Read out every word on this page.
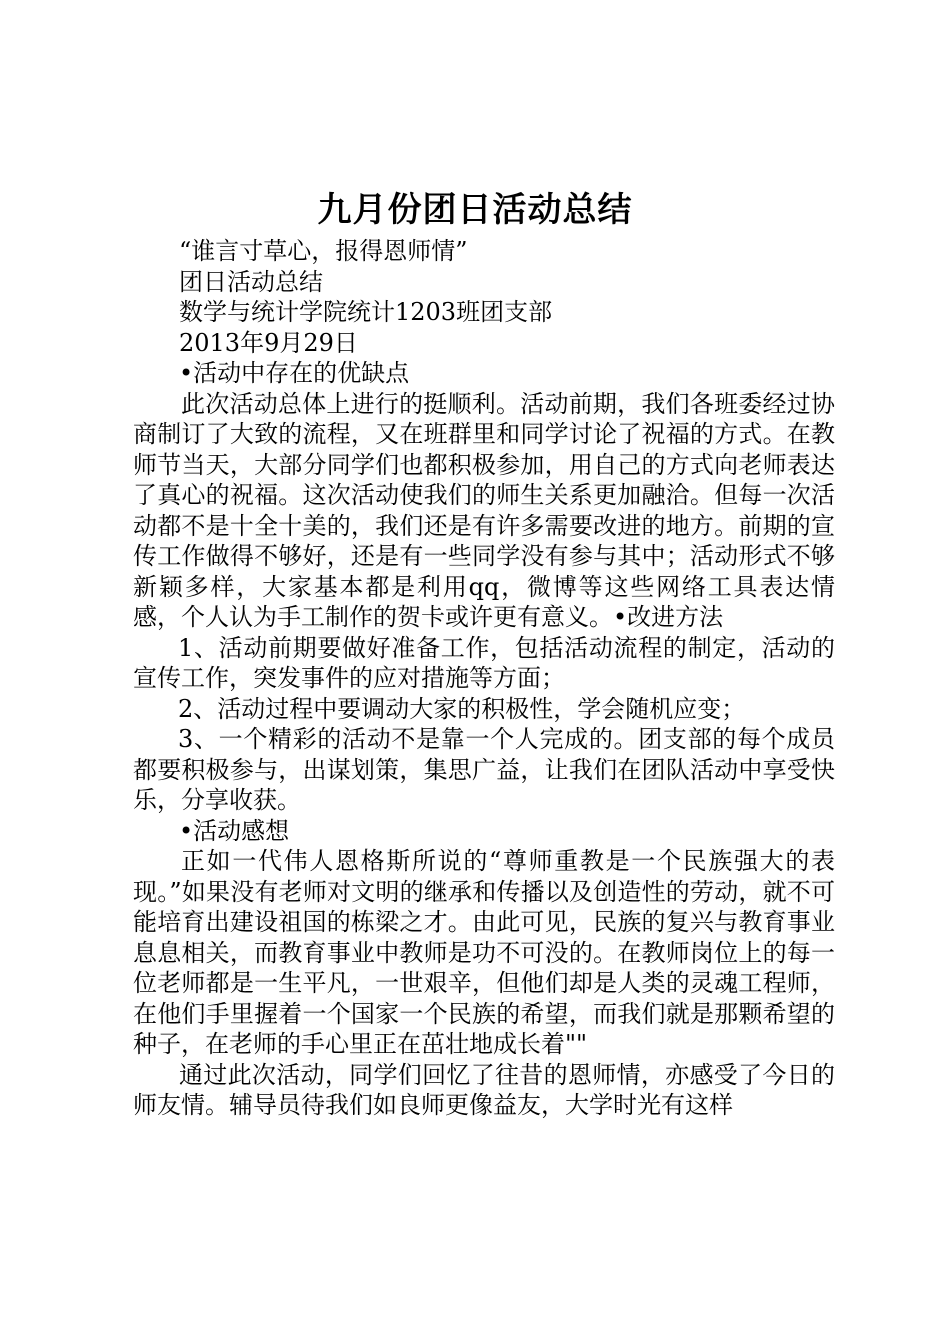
九月份团日活动总结

“谁言寸草心，报得恩师情”

团日活动总结

数学与统计学院统计1203班团支部

2013年9月29日

•活动中存在的优缺点

此次活动总体上进行的挺顺利。活动前期，我们各班委经过协商制订了大致的流程，又在班群里和同学讨论了祝福的方式。在教师节当天，大部分同学们也都积极参加，用自己的方式向老师表达了真心的祝福。这次活动使我们的师生关系更加融洽。但每一次活动都不是十全十美的，我们还是有许多需要改进的地方。前期的宣传工作做得不够好，还是有一些同学没有参与其中；活动形式不够新颖多样，大家基本都是利用qq，微博等这些网络工具表达情感，个人认为手工制作的贺卡或许更有意义。•改进方法

1、活动前期要做好准备工作，包括活动流程的制定，活动的宣传工作，突发事件的应对措施等方面；

2、活动过程中要调动大家的积极性，学会随机应变；

3、一个精彩的活动不是靠一个人完成的。团支部的每个成员都要积极参与，出谋划策，集思广益，让我们在团队活动中享受快乐，分享收获。

•活动感想

正如一代伟人恩格斯所说的“尊师重教是一个民族强大的表现。”如果没有老师对文明的继承和传播以及创造性的劳动，就不可能培育出建设祖国的栋梁之才。由此可见，民族的复兴与教育事业息息相关，而教育事业中教师是功不可没的。在教师岗位上的每一位老师都是一生平凡，一世艰辛，但他们却是人类的灵魂工程师，在他们手里握着一个国家一个民族的希望，而我们就是那颗希望的种子，在老师的手心里正在茁壮地成长着""

通过此次活动，同学们回忆了往昔的恩师情，亦感受了今日的师友情。辅导员待我们如良师更像益友，大学时光有这样
